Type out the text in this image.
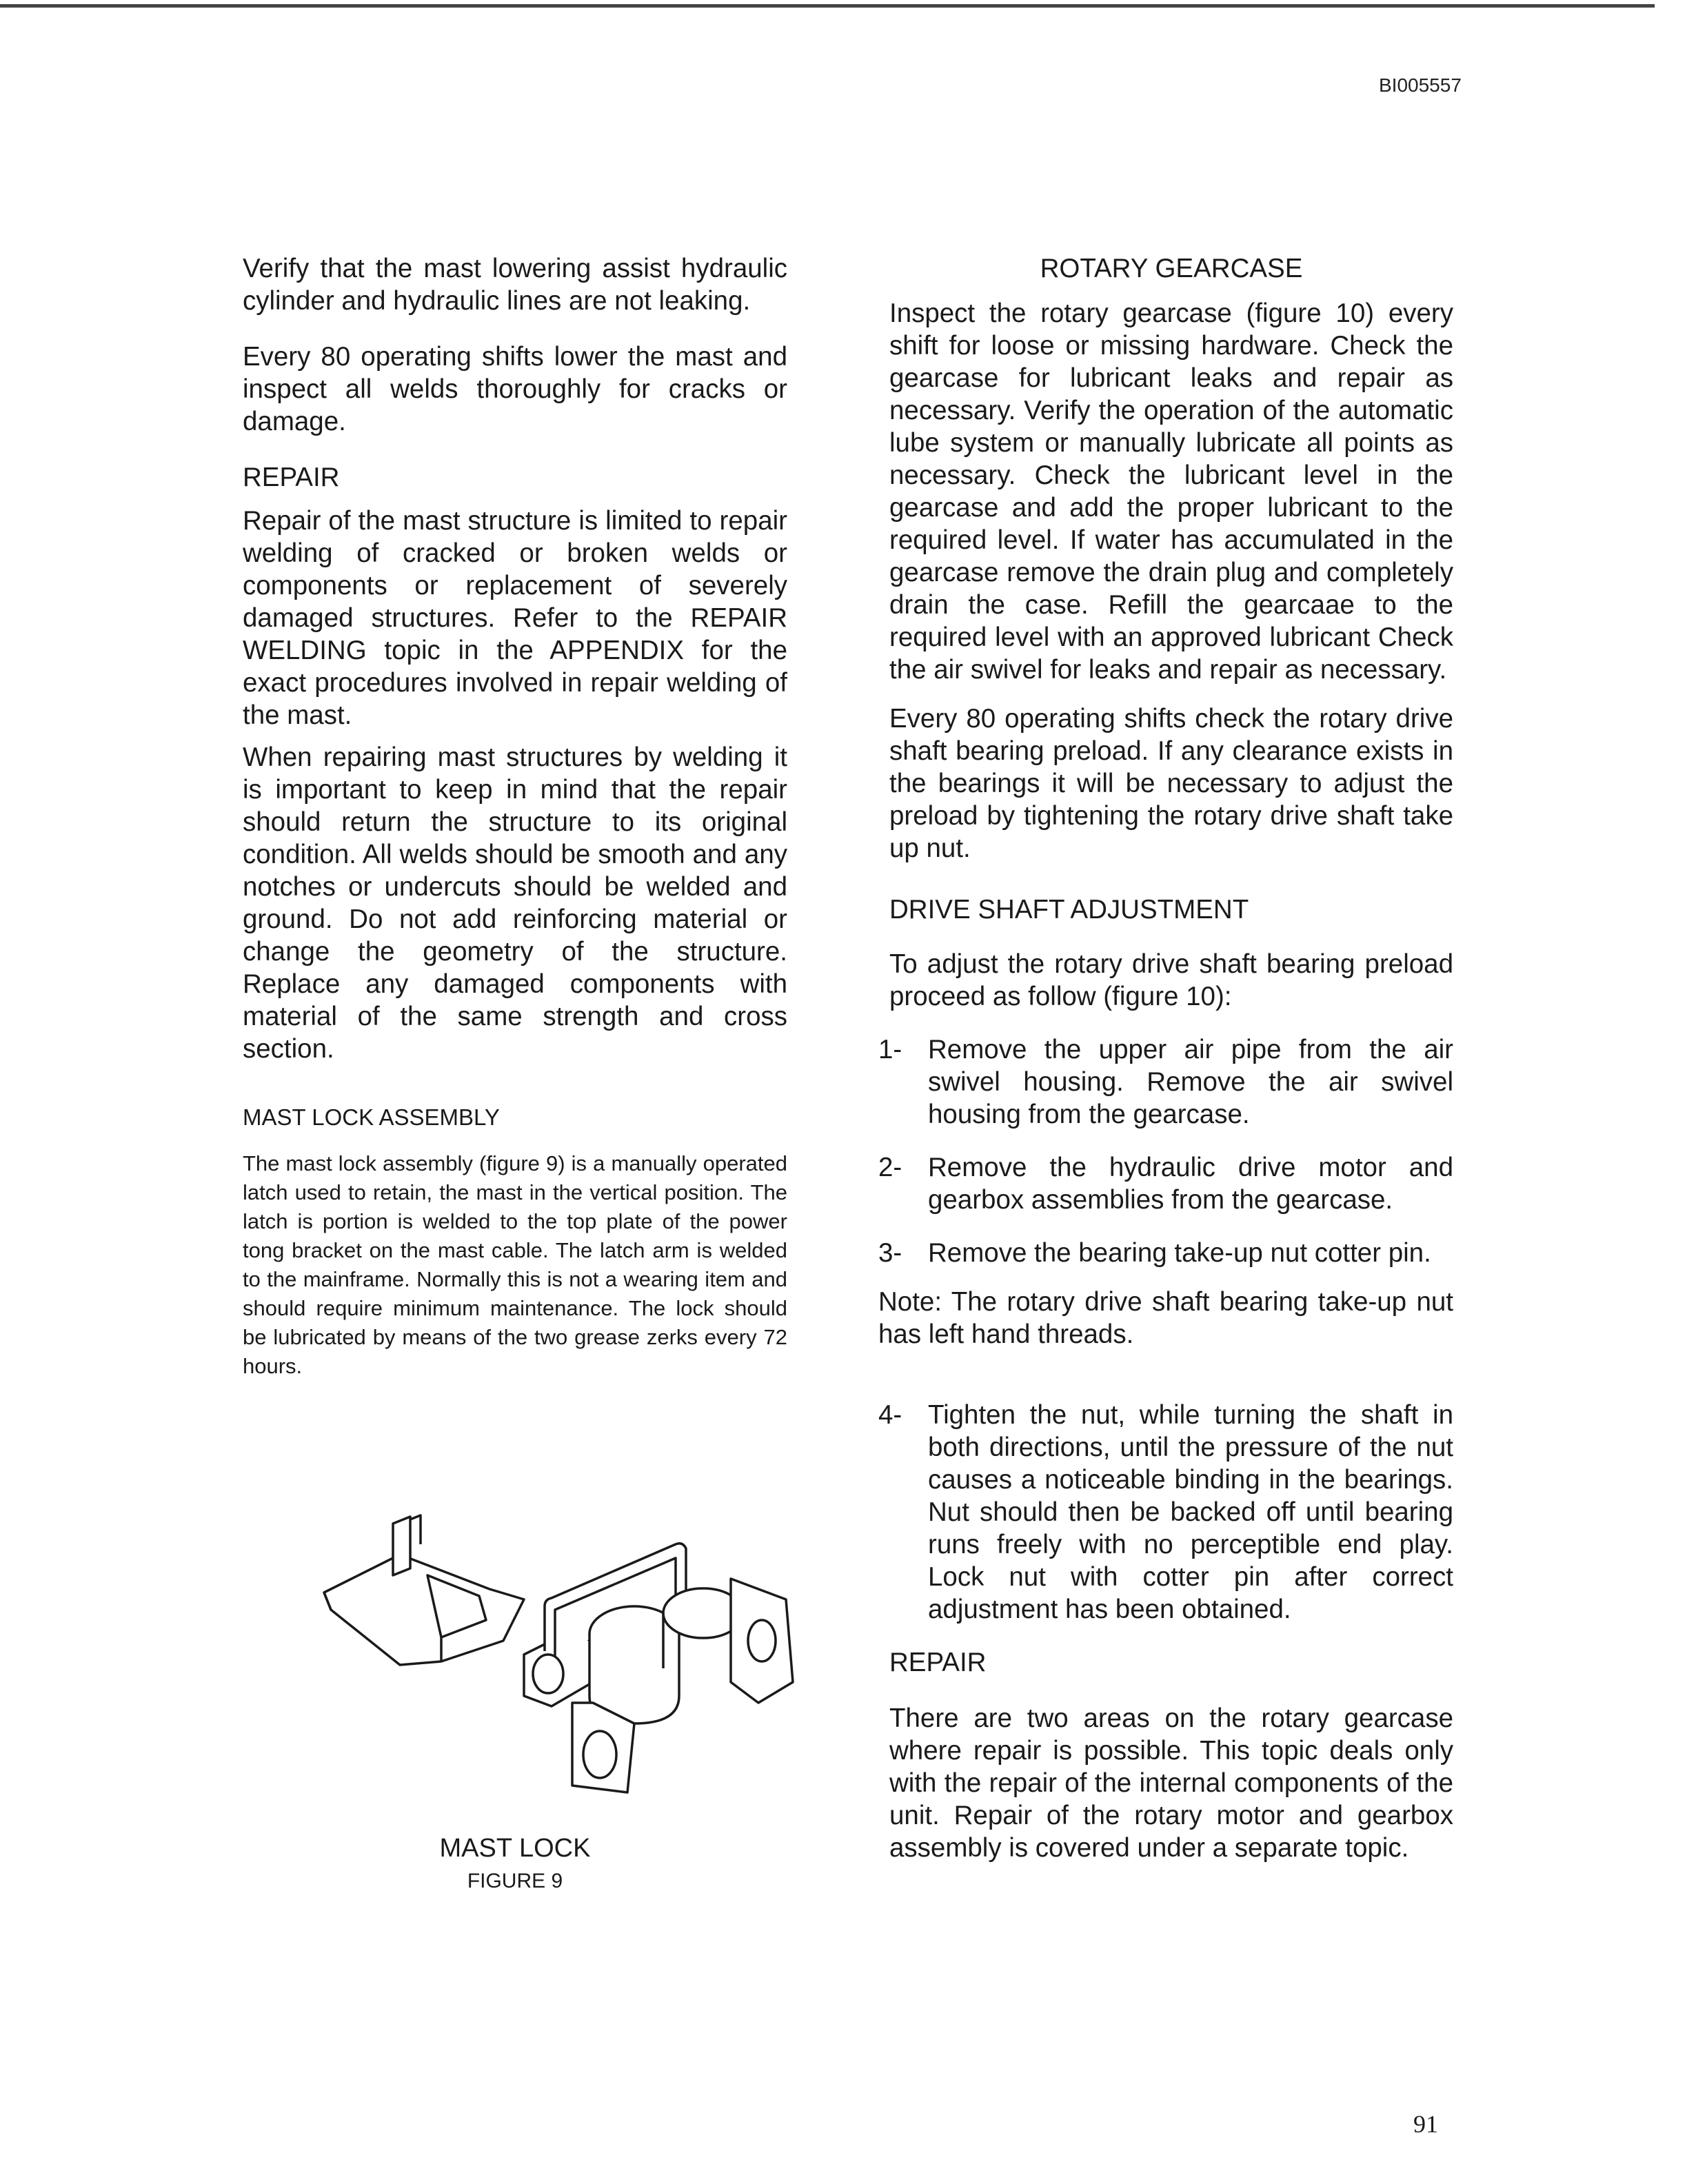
BI005557

Verify that the mast lowering assist hydraulic cylinder and hydraulic lines are not leaking.

Every 80 operating shifts lower the mast and inspect all welds thoroughly for cracks or damage.

REPAIR

Repair of the mast structure is limited to repair welding of cracked or broken welds or components or replacement of severely damaged structures. Refer to the REPAIR WELDING topic in the APPENDIX for the exact procedures involved in repair welding of the mast.

When repairing mast structures by welding it is important to keep in mind that the repair should return the structure to its original condition. All welds should be smooth and any notches or undercuts should be welded and ground. Do not add reinforcing material or change the geometry of the structure. Replace any damaged components with material of the same strength and cross section.

MAST LOCK ASSEMBLY

The mast lock assembly (figure 9) is a manually operated latch used to retain, the mast in the vertical position. The latch is portion is welded to the top plate of the power tong bracket on the mast cable. The latch arm is welded to the mainframe. Normally this is not a wearing item and should require minimum maintenance. The lock should be lubricated by means of the two grease zerks every 72 hours.

MAST LOCK
FIGURE 9
ROTARY GEARCASE

Inspect the rotary gearcase (figure 10) every shift for loose or missing hardware. Check the gearcase for lubricant leaks and repair as necessary. Verify the operation of the automatic lube system or manually lubricate all points as necessary. Check the lubricant level in the gearcase and add the proper lubricant to the required level. If water has accumulated in the gearcase remove the drain plug and completely drain the case. Refill the gearcaae to the required level with an approved lubricant Check the air swivel for leaks and repair as necessary.

Every 80 operating shifts check the rotary drive shaft bearing preload. If any clearance exists in the bearings it will be necessary to adjust the preload by tightening the rotary drive shaft take up nut.

DRIVE SHAFT ADJUSTMENT

To adjust the rotary drive shaft bearing preload proceed as follow (figure 10):

1- Remove the upper air pipe from the air swivel housing. Remove the air swivel housing from the gearcase.
2- Remove the hydraulic drive motor and gearbox assemblies from the gearcase.
3- Remove the bearing take-up nut cotter pin.

Note: The rotary drive shaft bearing take-up nut has left hand threads.

4- Tighten the nut, while turning the shaft in both directions, until the pressure of the nut causes a noticeable binding in the bearings. Nut should then be backed off until bearing runs freely with no perceptible end play. Lock nut with cotter pin after correct adjustment has been obtained.
REPAIR

There are two areas on the rotary gearcase where repair is possible. This topic deals only with the repair of the internal components of the unit. Repair of the rotary motor and gearbox assembly is covered under a separate topic.

91
